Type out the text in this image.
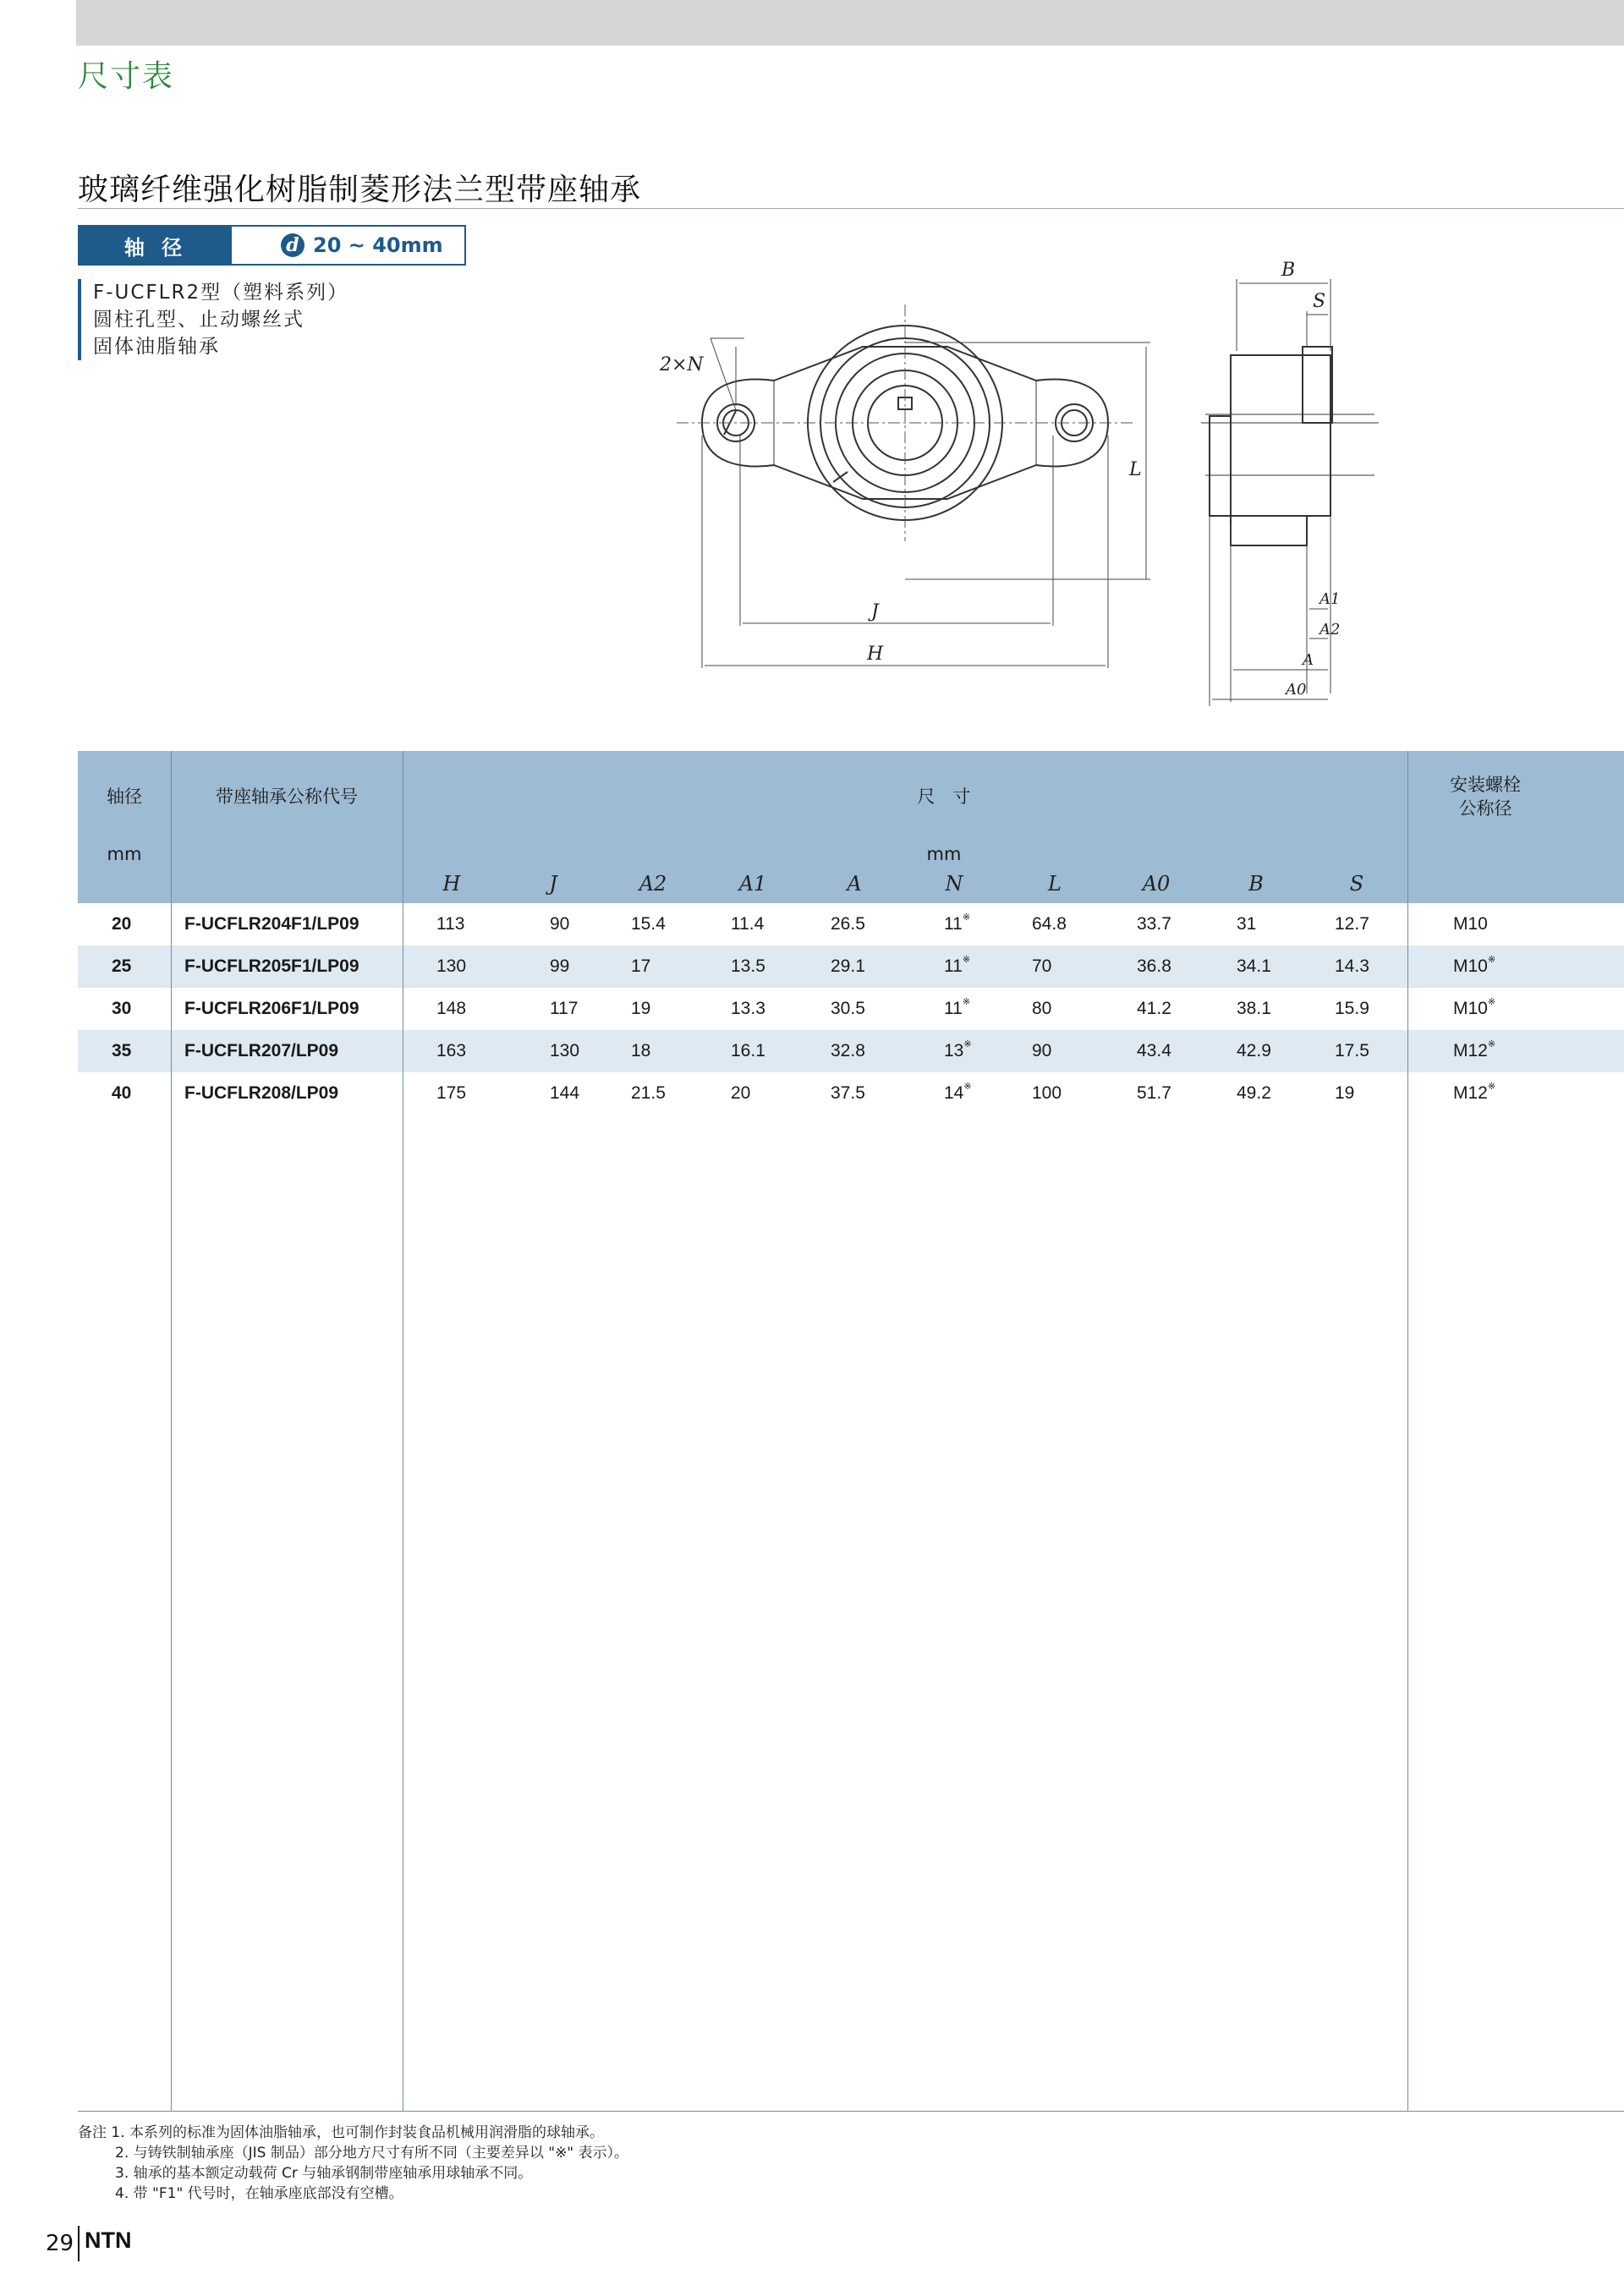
尺寸表
玻璃纤维强化树脂制菱形法兰型带座轴承
轴 径	d 20 ~ 40mm
F-UCFLR2型（塑料系列）
圆柱孔型、止动螺丝式
固体油脂轴承
2×N
L
J
H
B
S
A1
A2
A
A0
轴径
mm
带座轴承公称代号	尺　寸
mm
安装螺栓
公称径
H	J	A2	A1	A	N	L	A0	B	S
20	F-UCFLR204F1/LP09	113	90	15.4	11.4	26.5	11※	64.8	33.7	31	12.7	M10
25	F-UCFLR205F1/LP09	130	99	17	13.5	29.1	11※	70	36.8	34.1	14.3	M10※
30	F-UCFLR206F1/LP09	148	117	19	13.3	30.5	11※	80	41.2	38.1	15.9	M10※
35	F-UCFLR207/LP09	163	130	18	16.1	32.8	13※	90	43.4	42.9	17.5	M12※
40	F-UCFLR208/LP09	175	144	21.5	20	37.5	14※	100	51.7	49.2	19	M12※
备注 1. 本系列的标准为固体油脂轴承，也可制作封装食品机械用润滑脂的球轴承。
2. 与铸铁制轴承座（JIS 制品）部分地方尺寸有所不同（主要差异以 "※" 表示）。
3. 轴承的基本额定动载荷 Cr 与轴承钢制带座轴承用球轴承不同。
4. 带 "F1" 代号时，在轴承座底部没有空槽。
29 NTN
